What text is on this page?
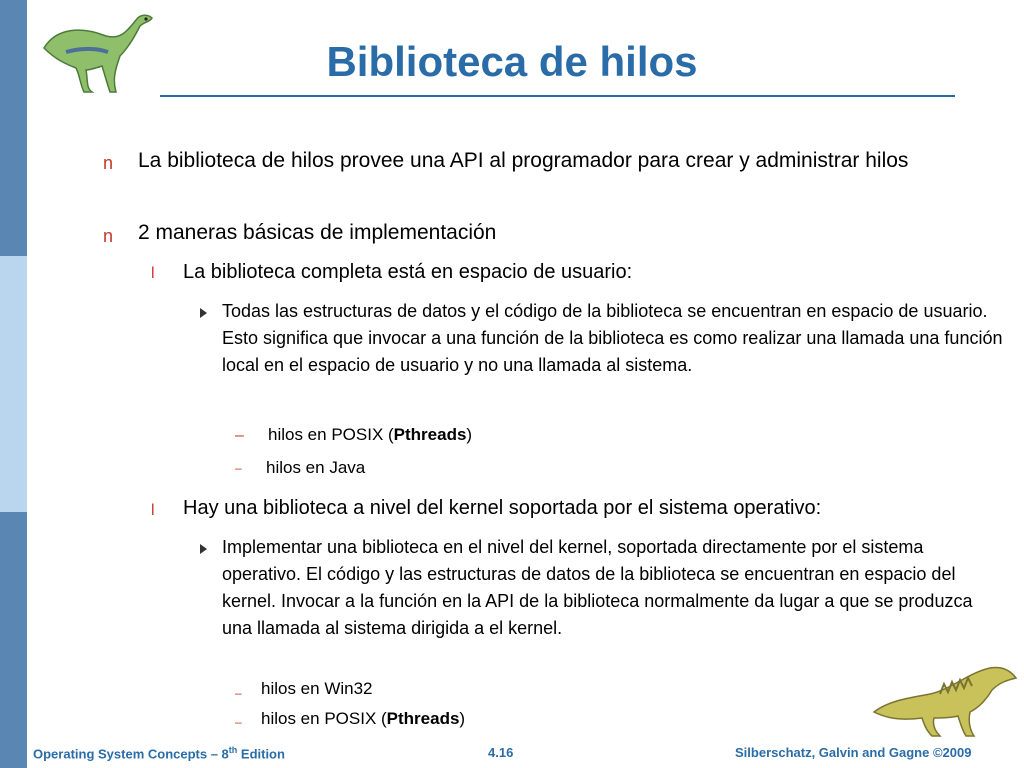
Biblioteca de hilos
n La biblioteca de hilos provee una API al programador para crear y administrar hilos
n 2 maneras básicas de implementación
l La biblioteca completa está en espacio de usuario:
Todas las estructuras de datos y el código de la biblioteca se encuentran en espacio de usuario. Esto significa que invocar a una función de la biblioteca es como realizar una llamada una función local en el espacio de usuario y no una llamada al sistema.
– hilos en POSIX (Pthreads)
– hilos en Java
l Hay una biblioteca a nivel del kernel soportada por el sistema operativo:
Implementar una biblioteca en el nivel del kernel, soportada directamente por el sistema operativo. El código y las estructuras de datos de la biblioteca se encuentran en espacio del kernel. Invocar a la función en la API de la biblioteca normalmente da lugar a que se produzca una llamada al sistema dirigida a el kernel.
– hilos en Win32
– hilos en POSIX (Pthreads)
Operating System Concepts – 8th Edition	4.16	Silberschatz, Galvin and Gagne ©2009
